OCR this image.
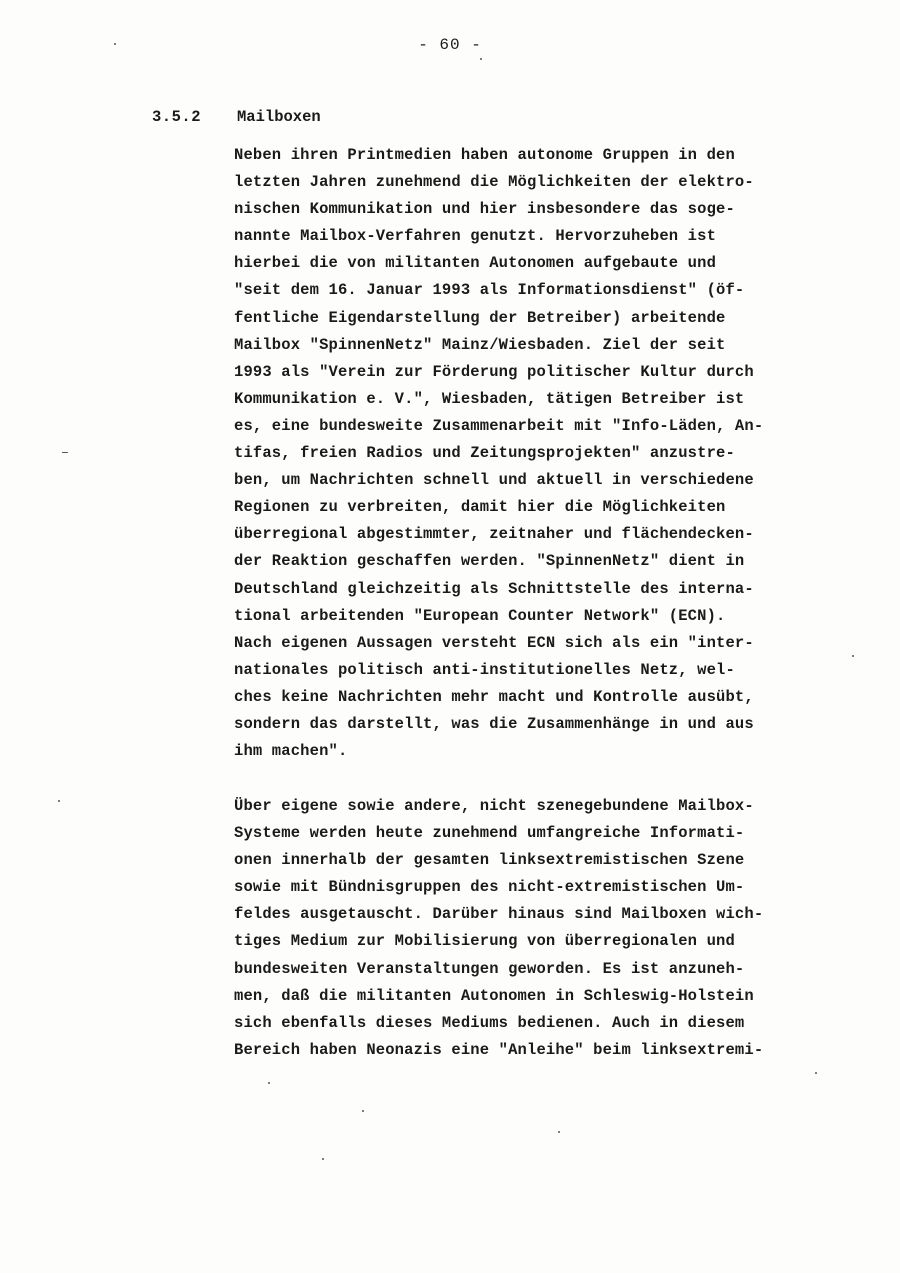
- 60 -
3.5.2 Mailboxen
Neben ihren Printmedien haben autonome Gruppen in den
letzten Jahren zunehmend die Möglichkeiten der elektro-
nischen Kommunikation und hier insbesondere das soge-
nannte Mailbox-Verfahren genutzt. Hervorzuheben ist
hierbei die von militanten Autonomen aufgebaute und
"seit dem 16. Januar 1993 als Informationsdienst" (öf-
fentliche Eigendarstellung der Betreiber) arbeitende
Mailbox "SpinnenNetz" Mainz/Wiesbaden. Ziel der seit
1993 als "Verein zur Förderung politischer Kultur durch
Kommunikation e. V.", Wiesbaden, tätigen Betreiber ist
es, eine bundesweite Zusammenarbeit mit "Info-Läden, An-
tifas, freien Radios und Zeitungsprojekten" anzustre-
ben, um Nachrichten schnell und aktuell in verschiedene
Regionen zu verbreiten, damit hier die Möglichkeiten
überregional abgestimmter, zeitnaher und flächendecken-
der Reaktion geschaffen werden. "SpinnenNetz" dient in
Deutschland gleichzeitig als Schnittstelle des interna-
tional arbeitenden "European Counter Network" (ECN).
Nach eigenen Aussagen versteht ECN sich als ein "inter-
nationales politisch anti-institutionelles Netz, wel-
ches keine Nachrichten mehr macht und Kontrolle ausübt,
sondern das darstellt, was die Zusammenhänge in und aus
ihm machen".
Über eigene sowie andere, nicht szenegebundene Mailbox-
Systeme werden heute zunehmend umfangreiche Informati-
onen innerhalb der gesamten linksextremistischen Szene
sowie mit Bündnisgruppen des nicht-extremistischen Um-
feldes ausgetauscht. Darüber hinaus sind Mailboxen wich-
tiges Medium zur Mobilisierung von überregionalen und
bundesweiten Veranstaltungen geworden. Es ist anzuneh-
men, daß die militanten Autonomen in Schleswig-Holstein
sich ebenfalls dieses Mediums bedienen. Auch in diesem
Bereich haben Neonazis eine "Anleihe" beim linksextremi-
